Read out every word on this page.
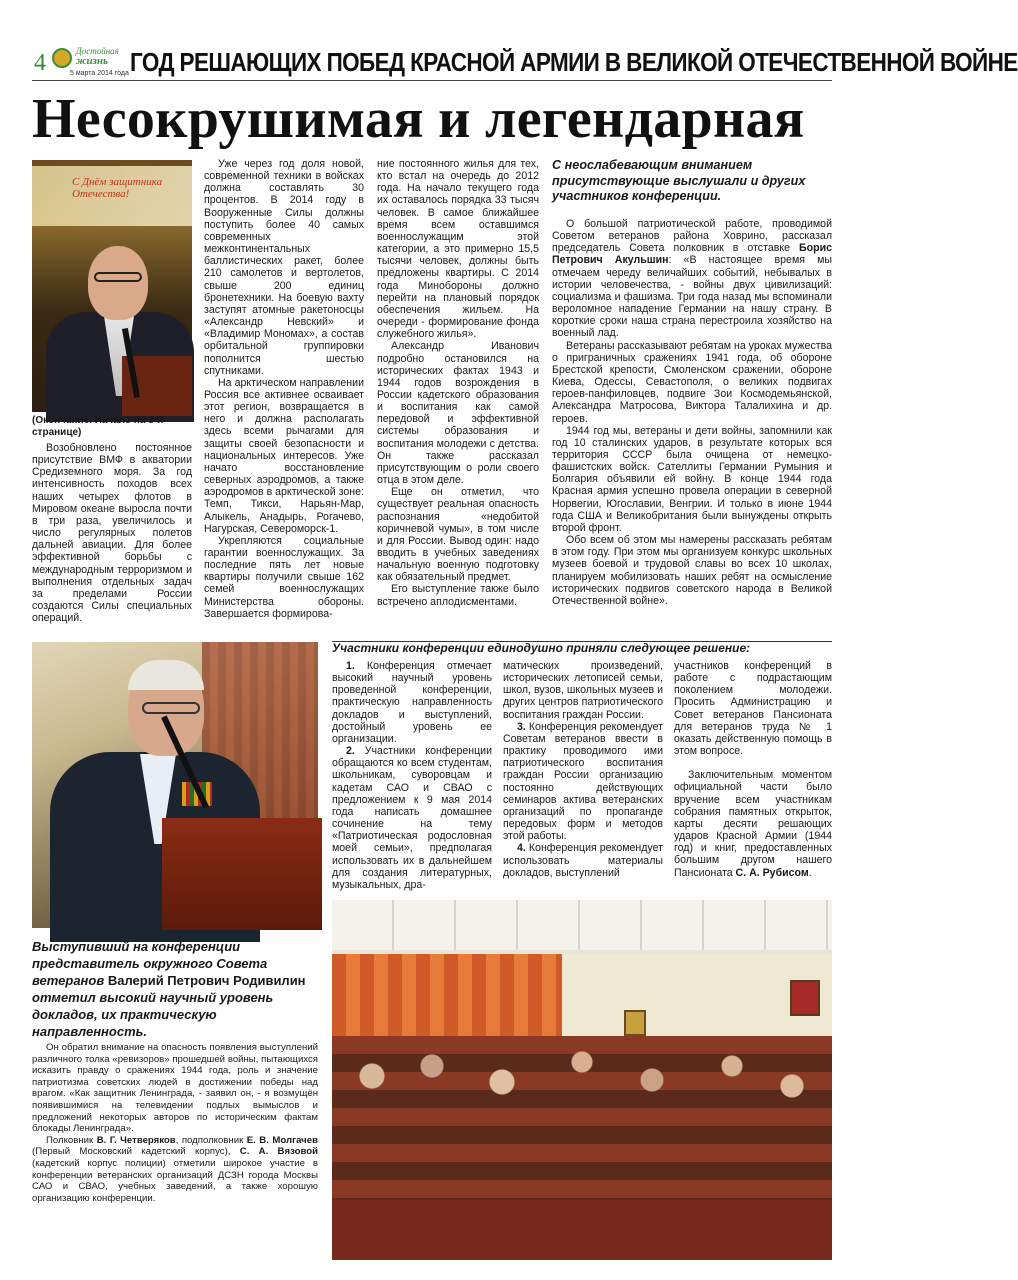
4	Достойная
жизнь
5 марта 2014 года ГОД РЕШАЮЩИХ ПОБЕД КРАСНОЙ АРМИИ В ВЕЛИКОЙ ОТЕЧЕСТВЕННОЙ ВОЙНЕ
Несокрушимая и легендарная
С Днём защитника Отечества!
(Окончание. Начало на 3-й странице)

Возобновлено постоянное присутствие ВМФ в акватории Средиземного моря. За год интенсивность походов всех наших четырех флотов в Мировом океане выросла почти в три раза, увеличилось и число регулярных полетов дальней авиации. Для более эффективной борьбы с международным терроризмом и выполнения отдельных задач за пределами России создаются Силы специальных операций.

Уже через год доля новой, современной техники в войсках должна составлять 30 процентов. В 2014 году в Вооруженные Силы должны поступить более 40 самых современных межконтинентальных баллистических ракет, более 210 самолетов и вертолетов, свыше 200 единиц бронетехники. На боевую вахту заступят атомные ракетоносцы «Александр Невский» и «Владимир Мономах», а состав орбитальной группировки пополнится шестью спутниками.

На арктическом направлении Россия все активнее осваивает этот регион, возвращается в него и должна располагать здесь всеми рычагами для защиты своей безопасности и национальных интересов. Уже начато восстановление северных аэродромов, а также аэродромов в арктической зоне: Темп, Тикси, Нарьян-Мар, Алыкель, Анадырь, Рогачево, Нагурская, Североморск-1.

Укрепляются социальные гарантии военнослужащих. За последние пять лет новые квартиры получили свыше 162 семей военнослужащих Министерства обороны. Завершается формирова-

ние постоянного жилья для тех, кто встал на очередь до 2012 года. На начало текущего года их оставалось порядка 33 тысяч человек. В самое ближайшее время всем оставшимся военнослужащим этой категории, а это примерно 15,5 тысячи человек, должны быть предложены квартиры. С 2014 года Минобороны должно перейти на плановый порядок обеспечения жильем. На очереди - формирование фонда служебного жилья».

Александр Иванович подробно остановился на исторических фактах 1943 и 1944 годов возрождения в России кадетского образования и воспитания как самой передовой и эффективной системы образования и воспитания молодежи с детства. Он также рассказал присутствующим о роли своего отца в этом деле.

Еще он отметил, что существует реальная опасность распознания «недобитой коричневой чумы», в том числе и для России. Вывод один: надо вводить в учебных заведениях начальную военную подготовку как обязательный предмет.

Его выступление также было встречено аплодисментами.

С неослабевающим вниманием присутствующие выслушали и других участников конференции.

О большой патриотической работе, проводимой Советом ветеранов района Ховрино, рассказал председатель Совета полковник в отставке Борис Петрович Акульшин: «В настоящее время мы отмечаем череду величайших событий, небывалых в истории человечества, - войны двух цивилизаций: социализма и фашизма. Три года назад мы вспоминали вероломное нападение Германии на нашу страну. В короткие сроки наша страна перестроила хозяйство на военный лад.

Ветераны рассказывают ребятам на уроках мужества о приграничных сражениях 1941 года, об обороне Брестской крепости, Смоленском сражении, обороне Киева, Одессы, Севастополя, о великих подвигах героев-панфиловцев, подвиге Зои Космодемьянской, Александра Матросова, Виктора Талалихина и др. героев.

1944 год мы, ветераны и дети войны, запомнили как год 10 сталинских ударов, в результате которых вся территория СССР была очищена от немецко-фашистских войск. Сателлиты Германии Румыния и Болгария объявили ей войну. В конце 1944 года Красная армия успешно провела операции в северной Норвегии, Югославии, Венгрии. И только в июне 1944 года США и Великобритания были вынуждены открыть второй фронт.

Обо всем об этом мы намерены рассказать ребятам в этом году. При этом мы организуем конкурс школьных музеев боевой и трудовой славы во всех 10 школах, планируем мобилизовать наших ребят на осмысление исторических подвигов советского народа в Великой Отечественной войне».

Участники конференции единодушно приняли следующее решение:

1. Конференция отмечает высокий научный уровень проведенной конференции, практическую направленность докладов и выступлений, достойный уровень ее организации.

2. Участники конференции обращаются ко всем студентам, школьникам, суворовцам и кадетам САО и СВАО с предложением к 9 мая 2014 года написать домашнее сочинение на тему «Патриотическая родословная моей семьи», предполагая использовать их в дальнейшем для создания литературных, музыкальных, дра-

матических произведений, исторических летописей семьи, школ, вузов, школьных музеев и других центров патриотического воспитания граждан России.

3. Конференция рекомендует Советам ветеранов ввести в практику проводимого ими патриотического воспитания граждан России организацию постоянно действующих семинаров актива ветеранских организаций по пропаганде передовых форм и методов этой работы.

4. Конференция рекомендует использовать материалы докладов, выступлений

участников конференций в работе с подрастающим поколением молодежи. Просить Администрацию и Совет ветеранов Пансионата для ветеранов труда № 1 оказать действенную помощь в этом вопросе.

Заключительным моментом официальной части было вручение всем участникам собрания памятных открыток, карты десяти решающих ударов Красной Армии (1944 год) и книг, предоставленных большим другом нашего Пансионата С. А. Рубисом.

Выступивший на конференции представитель окружного Совета ветеранов Валерий Петрович Родивилин отметил высокий научный уровень докладов, их практическую направленность.

Он обратил внимание на опасность появления выступлений различного толка «ревизоров» прошедшей войны, пытающихся исказить правду о сражениях 1944 года, роль и значение патриотизма советских людей в достижении победы над врагом. «Как защитник Ленинграда, - заявил он, - я возмущён появившимися на телевидении подлых вымыслов и предложений некоторых авторов по историческим фактам блокады Ленинграда».

Полковник В. Г. Четверяков, подполковник Е. В. Молгачев (Первый Московский кадетский корпус), С. А. Вязовой (кадетский корпус полиции) отметили широкое участие в конференции ветеранских организаций ДСЗН города Москвы САО и СВАО, учебных заведений, а также хорошую организацию конференции.
